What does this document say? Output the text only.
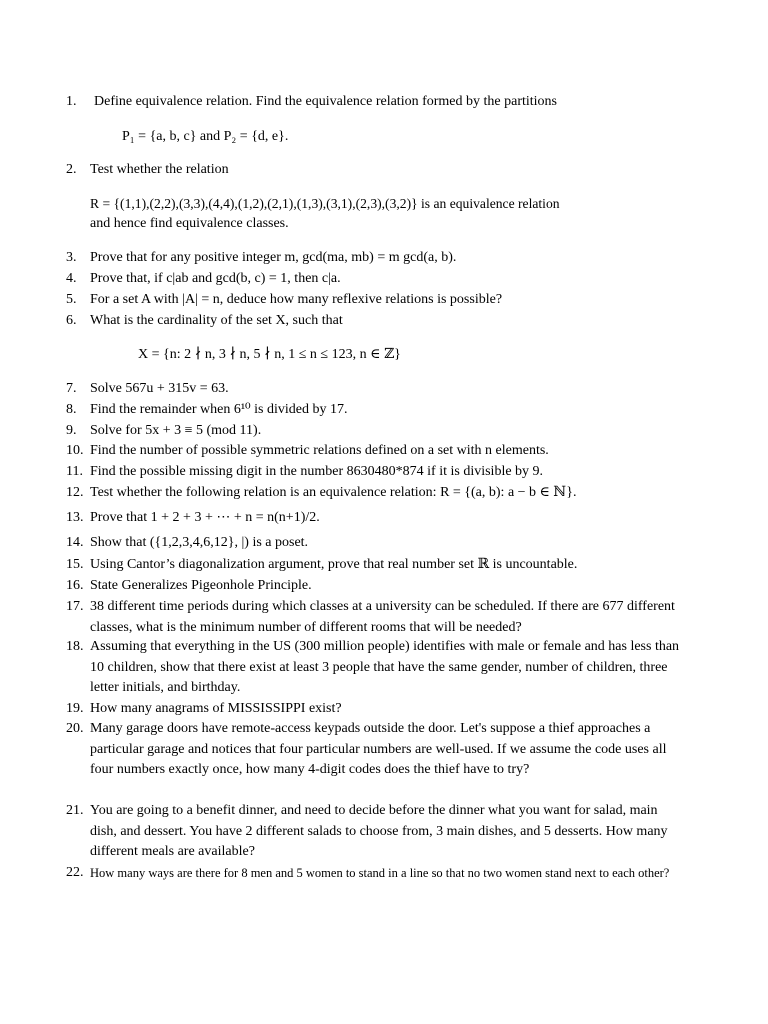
1.	Define equivalence relation. Find the equivalence relation formed by the partitions
P₁ = {a, b, c} and P₂ = {d, e}.
2. Test whether the relation
R = {(1,1),(2,2),(3,3),(4,4),(1,2),(2,1),(1,3),(3,1),(2,3),(3,2)} is an equivalence relation
and hence find equivalence classes.
3. Prove that for any positive integer m, gcd(ma, mb) = m gcd(a, b).
4. Prove that, if c|ab and gcd(b, c) = 1, then c|a.
5. For a set A with |A| = n, deduce how many reflexive relations is possible?
6. What is the cardinality of the set X, such that
X = {n: 2 ∤ n, 3 ∤ n, 5 ∤ n, 1 ≤ n ≤ 123, n ∈ ℤ}
7. Solve 567u + 315v = 63.
8. Find the remainder when 6¹⁰ is divided by 17.
9. Solve for 5x + 3 ≡ 5 (mod 11).
10. Find the number of possible symmetric relations defined on a set with n elements.
11. Find the possible missing digit in the number 8630480*874 if it is divisible by 9.
12. Test whether the following relation is an equivalence relation: R = {(a, b): a − b ∈ ℕ}.
13. Prove that 1 + 2 + 3 + ⋯ + n = n(n+1)/2.
14. Show that ({1,2,3,4,6,12}, |) is a poset.
15. Using Cantor’s diagonalization argument, prove that real number set ℝ is uncountable.
16. State Generalizes Pigeonhole Principle.
17. 38 different time periods during which classes at a university can be scheduled. If there are 677 different classes, what is the minimum number of different rooms that will be needed?
18. Assuming that everything in the US (300 million people) identifies with male or female and has less than 10 children, show that there exist at least 3 people that have the same gender, number of children, three letter initials, and birthday.
19. How many anagrams of MISSISSIPPI exist?
20. Many garage doors have remote-access keypads outside the door. Let's suppose a thief approaches a particular garage and notices that four particular numbers are well-used. If we assume the code uses all four numbers exactly once, how many 4-digit codes does the thief have to try?
21. You are going to a benefit dinner, and need to decide before the dinner what you want for salad, main dish, and dessert. You have 2 different salads to choose from, 3 main dishes, and 5 desserts. How many different meals are available?
22. How many ways are there for 8 men and 5 women to stand in a line so that no two women stand next to each other?
